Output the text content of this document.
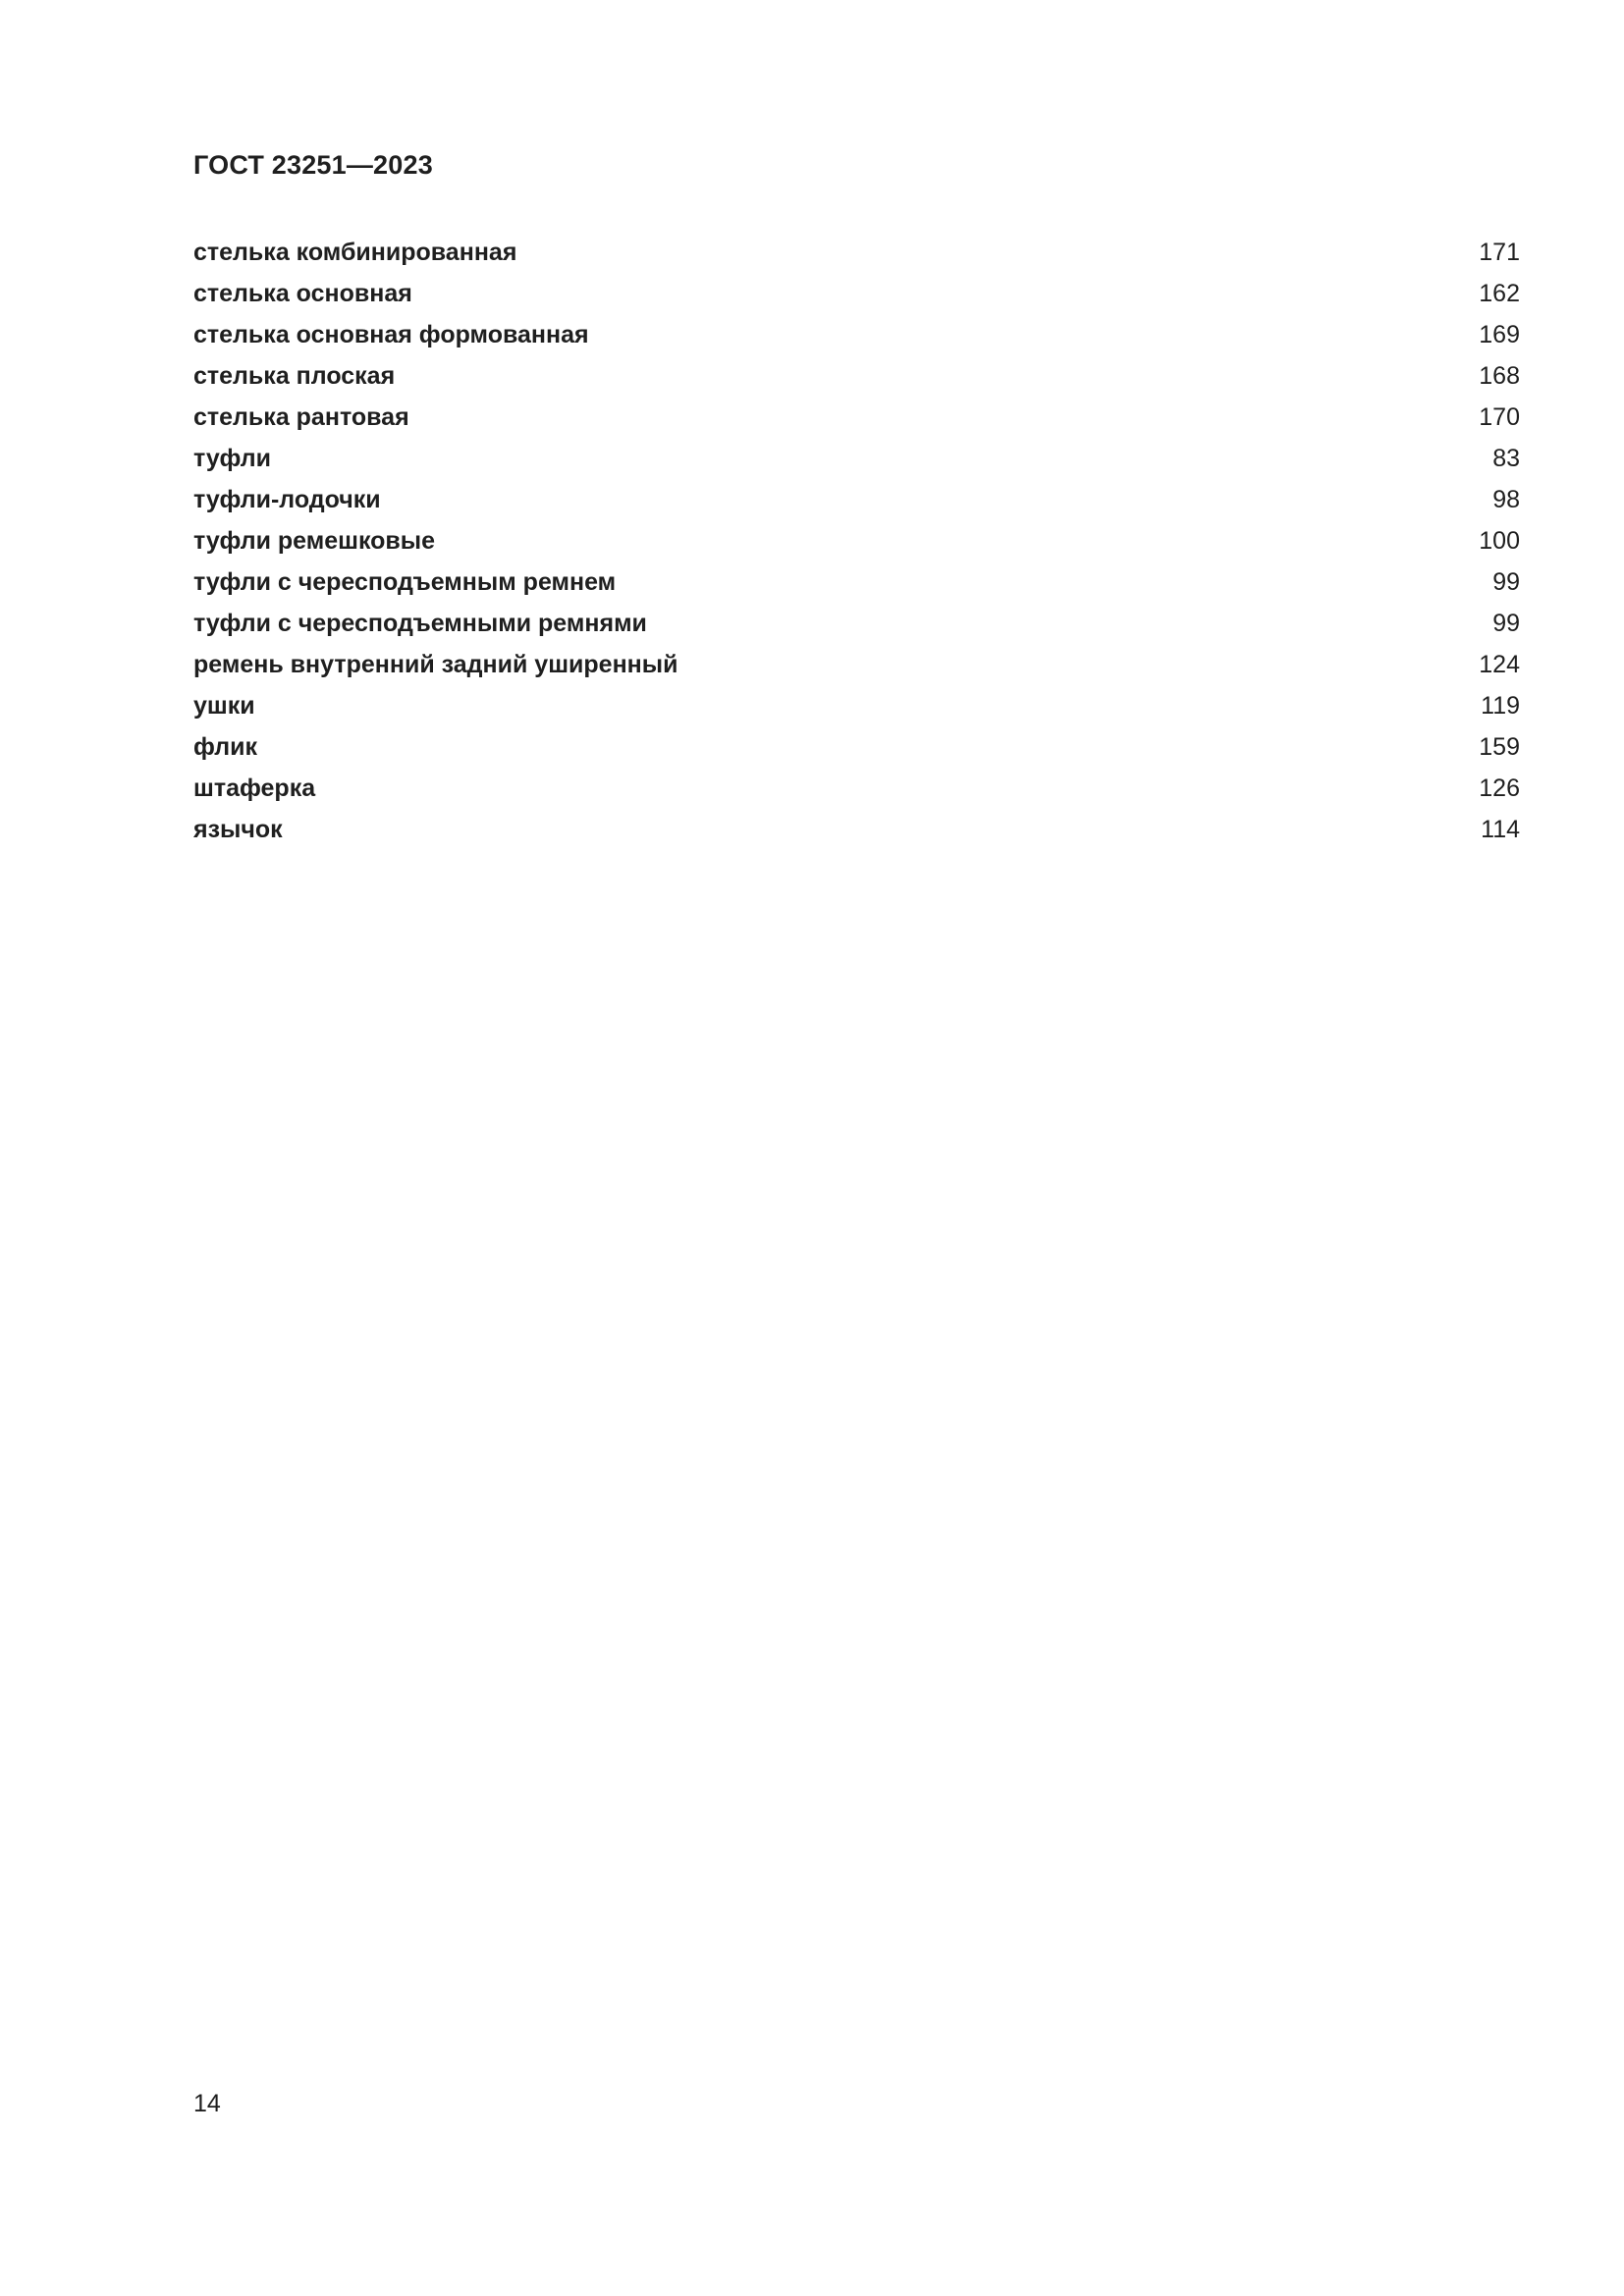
ГОСТ 23251—2023
стелька комбинированная	171
стелька основная	162
стелька основная формованная	169
стелька плоская	168
стелька рантовая	170
туфли	83
туфли-лодочки	98
туфли ремешковые	100
туфли с чересподъемным ремнем	99
туфли с чересподъемными ремнями	99
ремень внутренний задний уширенный	124
ушки	119
флик	159
штаферка	126
язычок	114
14
